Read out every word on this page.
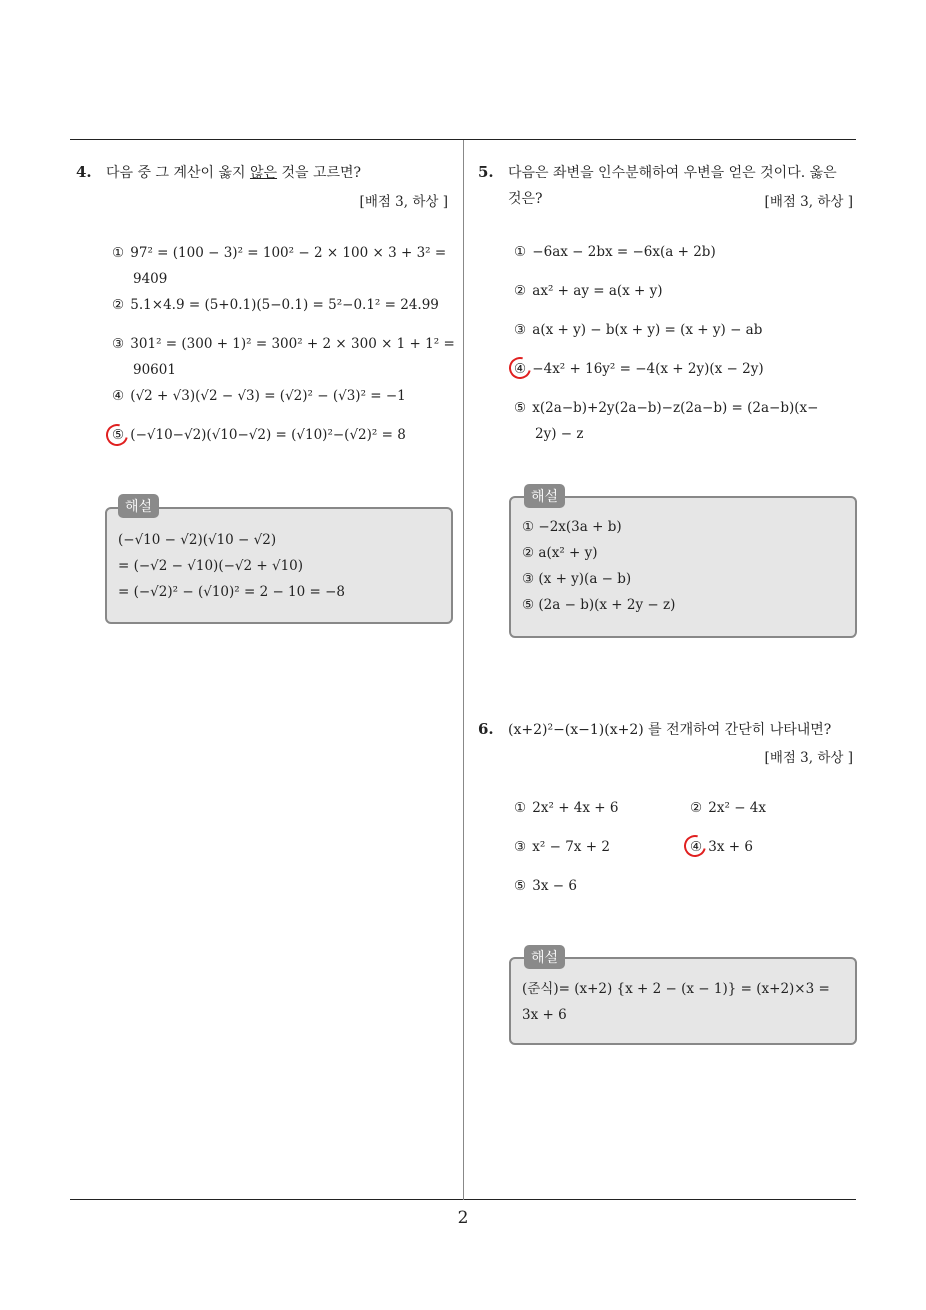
4. 다음 중 그 계산이 옳지 않은 것을 고르면?
[배점 3, 하상 ]
① 97² = (100 − 3)² = 100² − 2 × 100 × 3 + 3² =
9409
② 5.1×4.9 = (5+0.1)(5−0.1) = 5²−0.1² = 24.99
③ 301² = (300 + 1)² = 300² + 2 × 300 × 1 + 1² =
90601
④ (√2 + √3)(√2 − √3) = (√2)² − (√3)² = −1
⑤ (−√10−√2)(√10−√2) = (√10)²−(√2)² = 8
해설
(−√10 − √2)(√10 − √2)
= (−√2 − √10)(−√2 + √10)
= (−√2)² − (√10)² = 2 − 10 = −8
5. 다음은 좌변을 인수분해하여 우변을 얻은 것이다. 옳은
것은?	[배점 3, 하상 ]
① −6ax − 2bx = −6x(a + 2b)
② ax² + ay = a(x + y)
③ a(x + y) − b(x + y) = (x + y) − ab
④ −4x² + 16y² = −4(x + 2y)(x − 2y)
⑤ x(2a−b)+2y(2a−b)−z(2a−b) = (2a−b)(x−
2y) − z
해설
① −2x(3a + b)
② a(x² + y)
③ (x + y)(a − b)
⑤ (2a − b)(x + 2y − z)
6. (x+2)²−(x−1)(x+2) 를 전개하여 간단히 나타내면?
[배점 3, 하상 ]
① 2x² + 4x + 6	② 2x² − 4x
③ x² − 7x + 2	④ 3x + 6
⑤ 3x − 6
해설
(준식)= (x+2) {x + 2 − (x − 1)} = (x+2)×3 =
3x + 6
2
